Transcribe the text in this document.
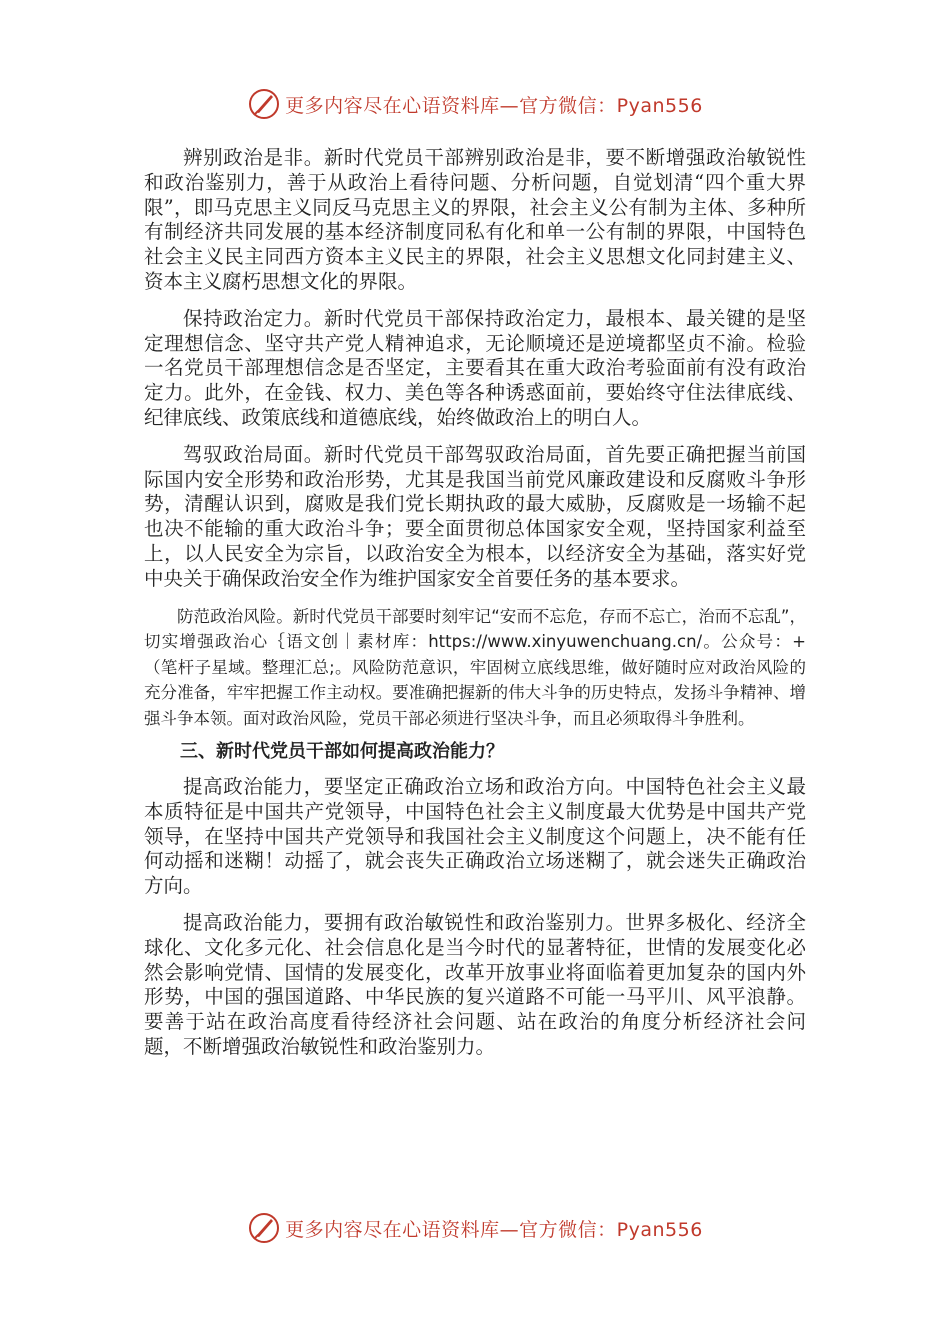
更多内容尽在心语资料库—官方微信：Pyan556

辨别政治是非。新时代党员干部辨别政治是非，要不断增强政治敏锐性和政治鉴别力，善于从政治上看待问题、分析问题，自觉划清“四个重大界限”，即马克思主义同反马克思主义的界限，社会主义公有制为主体、多种所有制经济共同发展的基本经济制度同私有化和单一公有制的界限，中国特色社会主义民主同西方资本主义民主的界限，社会主义思想文化同封建主义、资本主义腐朽思想文化的界限。

保持政治定力。新时代党员干部保持政治定力，最根本、最关键的是坚定理想信念、坚守共产党人精神追求，无论顺境还是逆境都坚贞不渝。检验一名党员干部理想信念是否坚定，主要看其在重大政治考验面前有没有政治定力。此外，在金钱、权力、美色等各种诱惑面前，要始终守住法律底线、纪律底线、政策底线和道德底线，始终做政治上的明白人。

驾驭政治局面。新时代党员干部驾驭政治局面，首先要正确把握当前国际国内安全形势和政治形势，尤其是我国当前党风廉政建设和反腐败斗争形势，清醒认识到，腐败是我们党长期执政的最大威胁，反腐败是一场输不起也决不能输的重大政治斗争；要全面贯彻总体国家安全观，坚持国家利益至上，以人民安全为宗旨，以政治安全为根本，以经济安全为基础，落实好党中央关于确保政治安全作为维护国家安全首要任务的基本要求。

防范政治风险。新时代党员干部要时刻牢记“安而不忘危，存而不忘亡，治而不忘乱”，切实增强政治心｛语文创｜素材库：https://www.xinyuwenchuang.cn/。公众号：+（笔杆子星域。整理汇总;。风险防范意识，牢固树立底线思维，做好随时应对政治风险的充分准备，牢牢把握工作主动权。要准确把握新的伟大斗争的历史特点，发扬斗争精神、增强斗争本领。面对政治风险，党员干部必须进行坚决斗争，而且必须取得斗争胜利。

三、新时代党员干部如何提高政治能力？

提高政治能力，要坚定正确政治立场和政治方向。中国特色社会主义最本质特征是中国共产党领导，中国特色社会主义制度最大优势是中国共产党领导，在坚持中国共产党领导和我国社会主义制度这个问题上，决不能有任何动摇和迷糊！动摇了，就会丧失正确政治立场迷糊了，就会迷失正确政治方向。

提高政治能力，要拥有政治敏锐性和政治鉴别力。世界多极化、经济全球化、文化多元化、社会信息化是当今时代的显著特征，世情的发展变化必然会影响党情、国情的发展变化，改革开放事业将面临着更加复杂的国内外形势，中国的强国道路、中华民族的复兴道路不可能一马平川、风平浪静。要善于站在政治高度看待经济社会问题、站在政治的角度分析经济社会问题，不断增强政治敏锐性和政治鉴别力。

更多内容尽在心语资料库—官方微信：Pyan556
